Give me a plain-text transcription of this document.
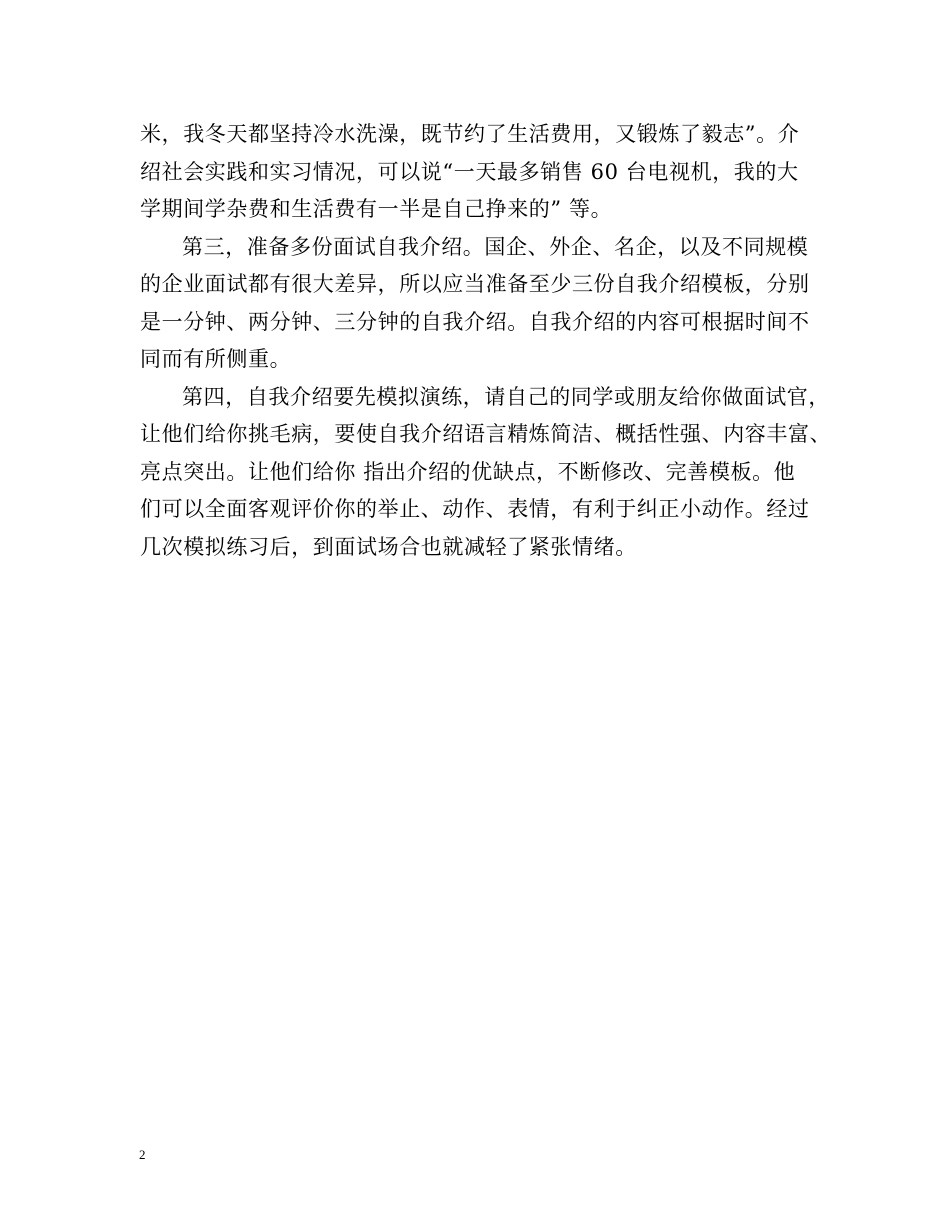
米，我冬天都坚持冷水洗澡，既节约了生活费用，又锻炼了毅志”。介
绍社会实践和实习情况，可以说“一天最多销售 60 台电视机，我的大
学期间学杂费和生活费有一半是自己挣来的” 等。
第三，准备多份面试自我介绍。国企、外企、名企，以及不同规模
的企业面试都有很大差异，所以应当准备至少三份自我介绍模板，分别
是一分钟、两分钟、三分钟的自我介绍。自我介绍的内容可根据时间不
同而有所侧重。
第四，自我介绍要先模拟演练，请自己的同学或朋友给你做面试官，
让他们给你挑毛病，要使自我介绍语言精炼简洁、概括性强、内容丰富、
亮点突出。让他们给你 指出介绍的优缺点，不断修改、完善模板。他
们可以全面客观评价你的举止、动作、表情，有利于纠正小动作。经过
几次模拟练习后，到面试场合也就减轻了紧张情绪。
2
